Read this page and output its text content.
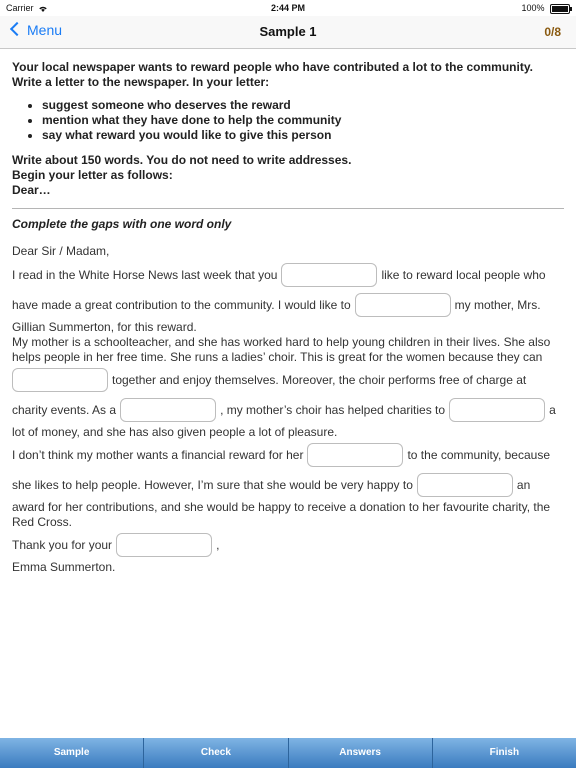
Carrier	2:44 PM	100%
Menu	Sample 1	0/8

Your local newspaper wants to reward people who have contributed a lot to the community. Write a letter to the newspaper. In your letter:

• suggest someone who deserves the reward
• mention what they have done to help the community
• say what reward you would like to give this person

Write about 150 words. You do not need to write addresses.

Begin your letter as follows:

Dear…

Complete the gaps with one word only

Dear Sir / Madam,

I read in the White Horse News last week that you	like to reward local people who
have made a great contribution to the community. I would like to	my mother, Mrs.

Gillian Summerton, for this reward.

My mother is a schoolteacher, and she has worked hard to help young children in their lives. She also helps people in her free time. She runs a ladies’ choir. This is great for the women because they can

together and enjoy themselves. Moreover, the choir performs free of charge at
charity events. As a	, my mother’s choir has helped charities to	a

lot of money, and she has also given people a lot of pleasure.

I don’t think my mother wants a financial reward for her	to the community, because
she likes to help people. However, I’m sure that she would be very happy to	an

award for her contributions, and she would be happy to receive a donation to her favourite charity, the Red Cross.

Thank you for your	,

Emma Summerton.

Sample	Check	Answers	Finish
